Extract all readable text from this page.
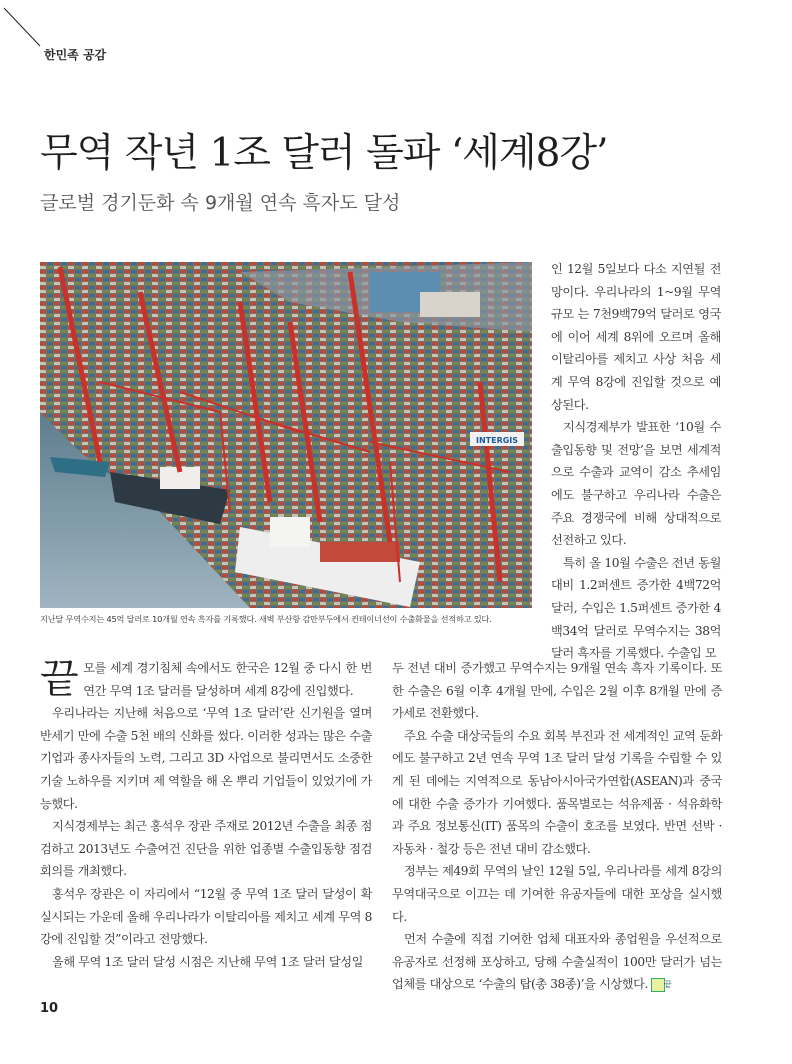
한민족 공감
무역 작년 1조 달러 돌파 ‘세계8강’
글로벌 경기둔화 속 9개월 연속 흑자도 달성
INTERGIS
지난달 무역수지는 45억 달러로 10개월 연속 흑자를 기록했다. 새벽 부산항 감만부두에서 컨테이너선이 수출화물을 선적하고 있다.

인 12월 5일보다 다소 지연될 전망이다. 우리나라의 1~9월 무역 규모 는 7천9백79억 달러로 영국에 이어 세계 8위에 오르며 올해 이탈리아를 제치고 사상 처음 세계 무역 8강에 진입할 것으로 예상된다.

지식경제부가 발표한 ‘10월 수출입동향 및 전망’을 보면 세계적으로 수출과 교역이 감소 추세임에도 불구하고 우리나라 수출은 주요 경쟁국에 비해 상대적으로 선전하고 있다.

특히 올 10월 수출은 전년 동월 대비 1.2퍼센트 증가한 4백72억 달러, 수입은 1.5퍼센트 증가한 4백34억 달러로 무역수지는 38억 달러 흑자를 기록했다. 수출입 모

끝모를 세계 경기침체 속에서도 한국은 12월 중 다시 한 번 연간 무역 1조 달러를 달성하며 세계 8강에 진입했다.

우리나라는 지난해 처음으로 ‘무역 1조 달러’란 신기원을 열며 반세기 만에 수출 5천 배의 신화를 썼다. 이러한 성과는 많은 수출 기업과 종사자들의 노력, 그리고 3D 사업으로 불리면서도 소중한 기술 노하우를 지키며 제 역할을 해 온 뿌리 기업들이 있었기에 가능했다.

지식경제부는 최근 홍석우 장관 주재로 2012년 수출을 최종 점검하고 2013년도 수출여건 진단을 위한 업종별 수출입동향 점검 회의를 개최했다.

홍석우 장관은 이 자리에서 “12월 중 무역 1조 달러 달성이 확실시되는 가운데 올해 우리나라가 이탈리아를 제치고 세계 무역 8강에 진입할 것”이라고 전망했다.

올해 무역 1조 달러 달성 시점은 지난해 무역 1조 달러 달성일

두 전년 대비 증가했고 무역수지는 9개월 연속 흑자 기록이다. 또한 수출은 6월 이후 4개월 만에, 수입은 2월 이후 8개월 만에 증가세로 전환했다.

주요 수출 대상국들의 수요 회복 부진과 전 세계적인 교역 둔화에도 불구하고 2년 연속 무역 1조 달러 달성 기록을 수립할 수 있게 된 데에는 지역적으로 동남아시아국가연합(ASEAN)과 중국에 대한 수출 증가가 기여했다. 품목별로는 석유제품 · 석유화학과 주요 정보통신(IT) 품목의 수출이 호조를 보였다. 반면 선박 · 자동차 · 철강 등은 전년 대비 감소했다.

정부는 제49회 무역의 날인 12월 5일, 우리나라를 세계 8강의 무역대국으로 이끄는 데 기여한 유공자들에 대한 포상을 실시했다.

먼저 수출에 직접 기여한 업체 대표자와 종업원을 우선적으로 유공자로 선정해 포상하고, 당해 수출실적이 100만 달러가 넘는 업체를 대상으로 ‘수출의 탑(총 38종)’을 시상했다. 끝

10
